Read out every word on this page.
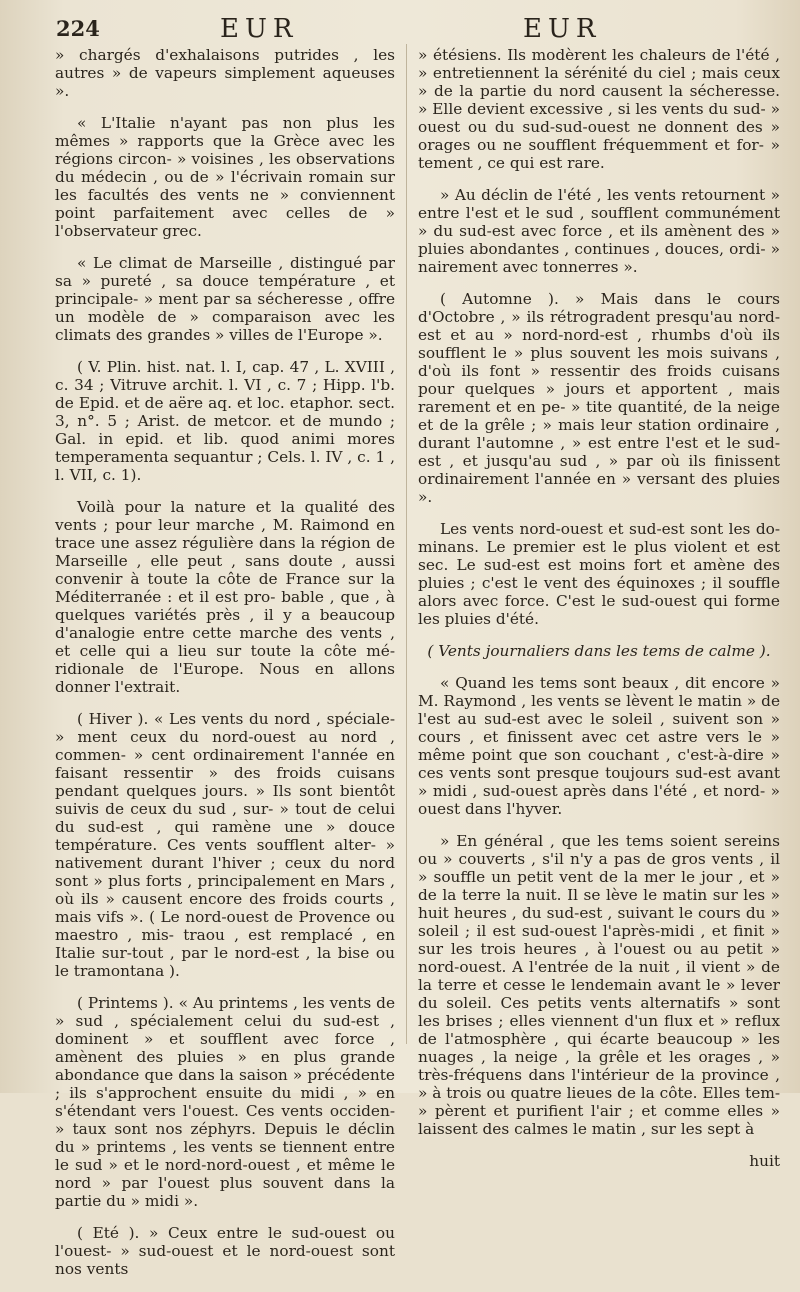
224	EUR	EUR

» chargés d'exhalaisons putrides , les autres » de vapeurs simplement aqueuses ».

« L'Italie n'ayant pas non plus les mêmes » rapports que la Grèce avec les régions circon- » voisines , les observations du médecin , ou de » l'écrivain romain sur les facultés des vents ne » conviennent point parfaitement avec celles de » l'observateur grec.

« Le climat de Marseille , distingué par sa » pureté , sa douce température , et principale- » ment par sa sécheresse , offre un modèle de » comparaison avec les climats des grandes » villes de l'Europe ».

( V. Plin. hist. nat. l. I, cap. 47 , L. XVIII , c. 34 ; Vitruve archit. l. VI , c. 7 ; Hipp. l'b. de Epid. et de aëre aq. et loc. etaphor. sect. 3, n°. 5 ; Arist. de metcor. et de mundo ; Gal. in epid. et lib. quod animi mores temperamenta sequantur ; Cels. l. IV , c. 1 , l. VII, c. 1).

Voilà pour la nature et la qualité des vents ; pour leur marche , M. Raimond en trace une assez régulière dans la région de Marseille , elle peut , sans doute , aussi convenir à toute la côte de France sur la Méditerranée : et il est pro- bable , que , à quelques variétés près , il y a beaucoup d'analogie entre cette marche des vents , et celle qui a lieu sur toute la côte mé- ridionale de l'Europe. Nous en allons donner l'extrait.

( Hiver ). « Les vents du nord , spéciale- » ment ceux du nord-ouest au nord , commen- » cent ordinairement l'année en faisant ressentir » des froids cuisans pendant quelques jours. » Ils sont bientôt suivis de ceux du sud , sur- » tout de celui du sud-est , qui ramène une » douce température. Ces vents soufflent alter- » nativement durant l'hiver ; ceux du nord sont » plus forts , principalement en Mars , où ils » causent encore des froids courts , mais vifs ». ( Le nord-ouest de Provence ou maestro , mis- traou , est remplacé , en Italie sur-tout , par le nord-est , la bise ou le tramontana ).

( Printems ). « Au printems , les vents de » sud , spécialement celui du sud-est , dominent » et soufflent avec force , amènent des pluies » en plus grande abondance que dans la saison » précédente ; ils s'approchent ensuite du midi , » en s'étendant vers l'ouest. Ces vents occiden- » taux sont nos zéphyrs. Depuis le déclin du » printems , les vents se tiennent entre le sud » et le nord-nord-ouest , et même le nord » par l'ouest plus souvent dans la partie du » midi ».

( Eté ). » Ceux entre le sud-ouest ou l'ouest- » sud-ouest et le nord-ouest sont nos vents

» étésiens. Ils modèrent les chaleurs de l'été , » entretiennent la sérénité du ciel ; mais ceux » de la partie du nord causent la sécheresse. » Elle devient excessive , si les vents du sud- » ouest ou du sud-sud-ouest ne donnent des » orages ou ne soufflent fréquemment et for- » tement , ce qui est rare.

» Au déclin de l'été , les vents retournent » entre l'est et le sud , soufflent communément » du sud-est avec force , et ils amènent des » pluies abondantes , continues , douces, ordi- » nairement avec tonnerres ».

( Automne ). » Mais dans le cours d'Octobre , » ils rétrogradent presqu'au nord-est et au » nord-nord-est , rhumbs d'où ils soufflent le » plus souvent les mois suivans , d'où ils font » ressentir des froids cuisans pour quelques » jours et apportent , mais rarement et en pe- » tite quantité, de la neige et de la grêle ; » mais leur station ordinaire , durant l'automne , » est entre l'est et le sud-est , et jusqu'au sud , » par où ils finissent ordinairement l'année en » versant des pluies ».

Les vents nord-ouest et sud-est sont les do- minans. Le premier est le plus violent et est sec. Le sud-est est moins fort et amène des pluies ; c'est le vent des équinoxes ; il souffle alors avec force. C'est le sud-ouest qui forme les pluies d'été.

( Vents journaliers dans les tems de calme ).

« Quand les tems sont beaux , dit encore » M. Raymond , les vents se lèvent le matin » de l'est au sud-est avec le soleil , suivent son » cours , et finissent avec cet astre vers le » même point que son couchant , c'est-à-dire » ces vents sont presque toujours sud-est avant » midi , sud-ouest après dans l'été , et nord- » ouest dans l'hyver.

» En général , que les tems soient sereins ou » couverts , s'il n'y a pas de gros vents , il » souffle un petit vent de la mer le jour , et » de la terre la nuit. Il se lève le matin sur les » huit heures , du sud-est , suivant le cours du » soleil ; il est sud-ouest l'après-midi , et finit » sur les trois heures , à l'ouest ou au petit » nord-ouest. A l'entrée de la nuit , il vient » de la terre et cesse le lendemain avant le » lever du soleil. Ces petits vents alternatifs » sont les brises ; elles viennent d'un flux et » reflux de l'atmosphère , qui écarte beaucoup » les nuages , la neige , la grêle et les orages , » très-fréquens dans l'intérieur de la province , » à trois ou quatre lieues de la côte. Elles tem- » pèrent et purifient l'air ; et comme elles » laissent des calmes le matin , sur les sept à

huit
